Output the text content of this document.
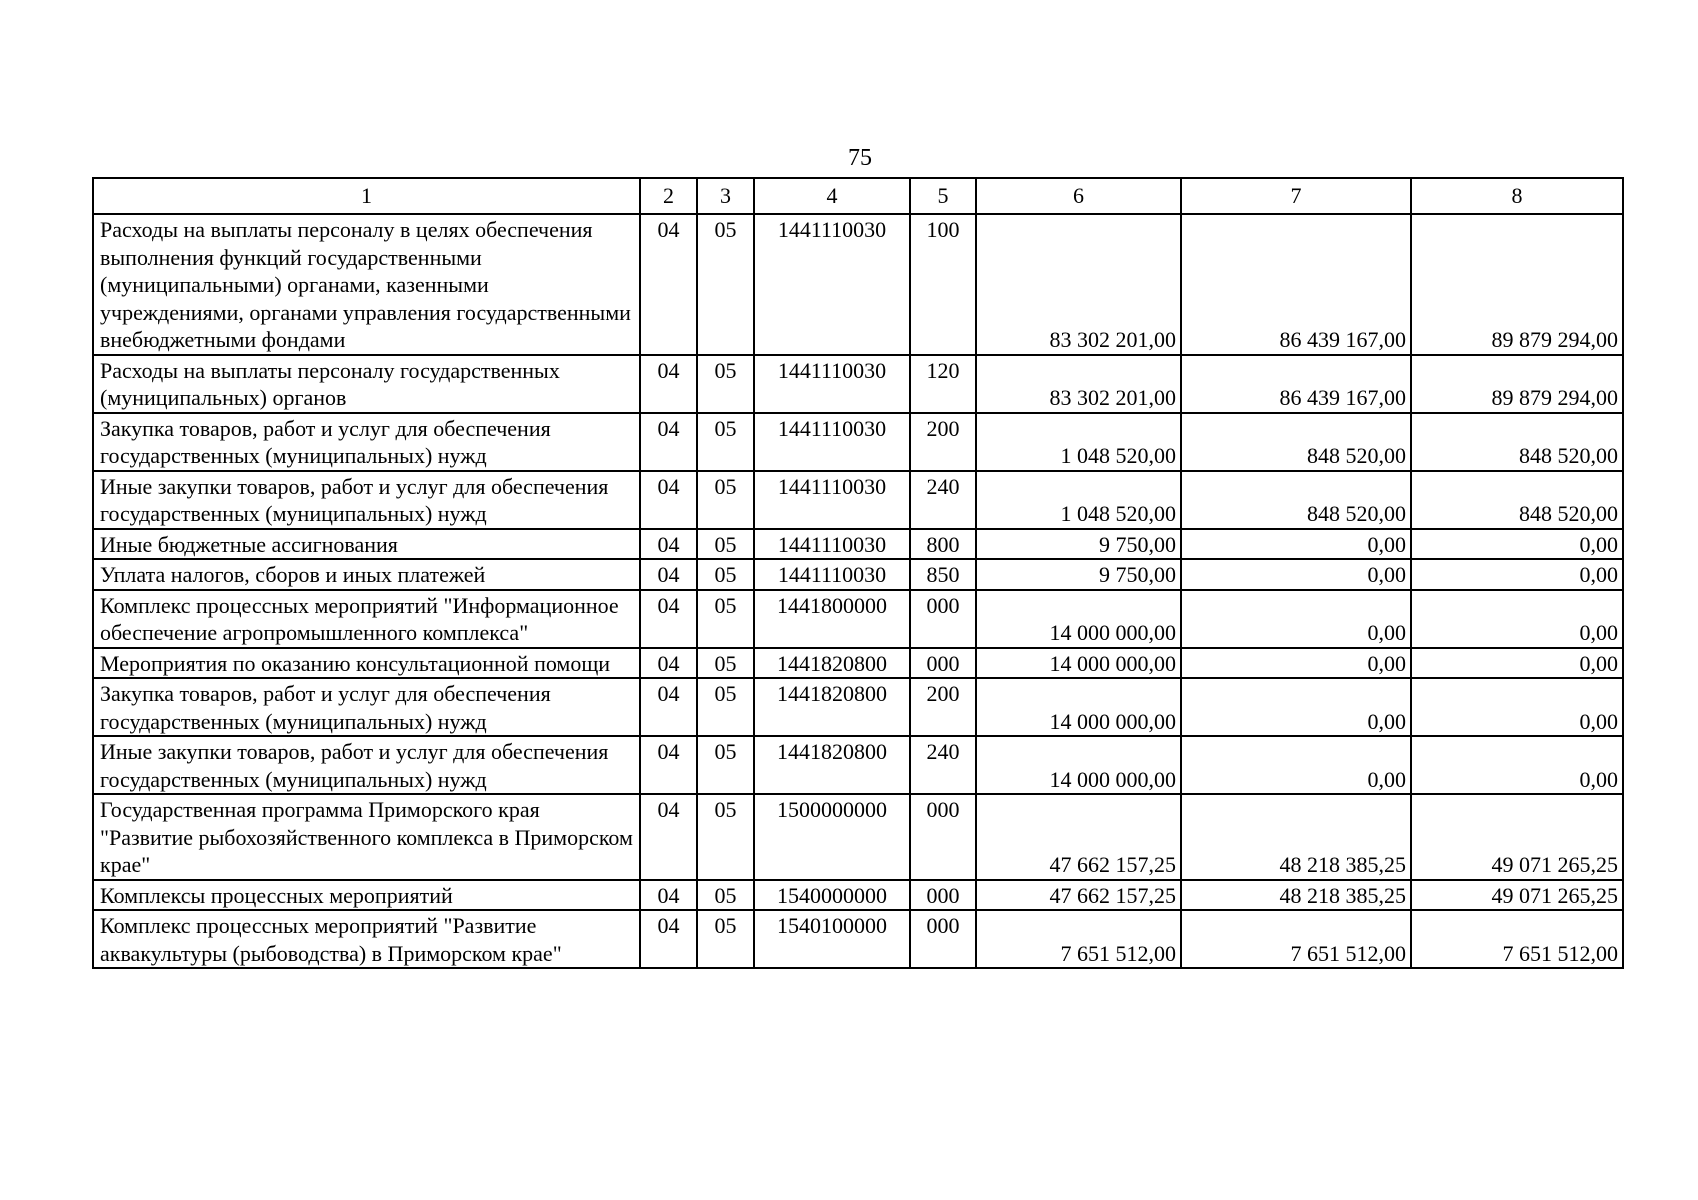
75
1	2	3	4	5	6	7	8
Расходы на выплаты персоналу в целях обеспечения выполнения функций государственными (муниципальными) органами, казенными учреждениями, органами управления государственными внебюджетными фондами	04	05	1441110030	100	83 302 201,00	86 439 167,00	89 879 294,00
Расходы на выплаты персоналу государственных (муниципальных) органов	04	05	1441110030	120	83 302 201,00	86 439 167,00	89 879 294,00
Закупка товаров, работ и услуг для обеспечения государственных (муниципальных) нужд	04	05	1441110030	200	1 048 520,00	848 520,00	848 520,00
Иные закупки товаров, работ и услуг для обеспечения государственных (муниципальных) нужд	04	05	1441110030	240	1 048 520,00	848 520,00	848 520,00
Иные бюджетные ассигнования	04	05	1441110030	800	9 750,00	0,00	0,00
Уплата налогов, сборов и иных платежей	04	05	1441110030	850	9 750,00	0,00	0,00
Комплекс процессных мероприятий "Информационное обеспечение агропромышленного комплекса"	04	05	1441800000	000	14 000 000,00	0,00	0,00
Мероприятия по оказанию консультационной помощи	04	05	1441820800	000	14 000 000,00	0,00	0,00
Закупка товаров, работ и услуг для обеспечения государственных (муниципальных) нужд	04	05	1441820800	200	14 000 000,00	0,00	0,00
Иные закупки товаров, работ и услуг для обеспечения государственных (муниципальных) нужд	04	05	1441820800	240	14 000 000,00	0,00	0,00
Государственная программа Приморского края "Развитие рыбохозяйственного комплекса в Приморском крае"	04	05	1500000000	000	47 662 157,25	48 218 385,25	49 071 265,25
Комплексы процессных мероприятий	04	05	1540000000	000	47 662 157,25	48 218 385,25	49 071 265,25
Комплекс процессных мероприятий "Развитие аквакультуры (рыбоводства) в Приморском крае"	04	05	1540100000	000	7 651 512,00	7 651 512,00	7 651 512,00
